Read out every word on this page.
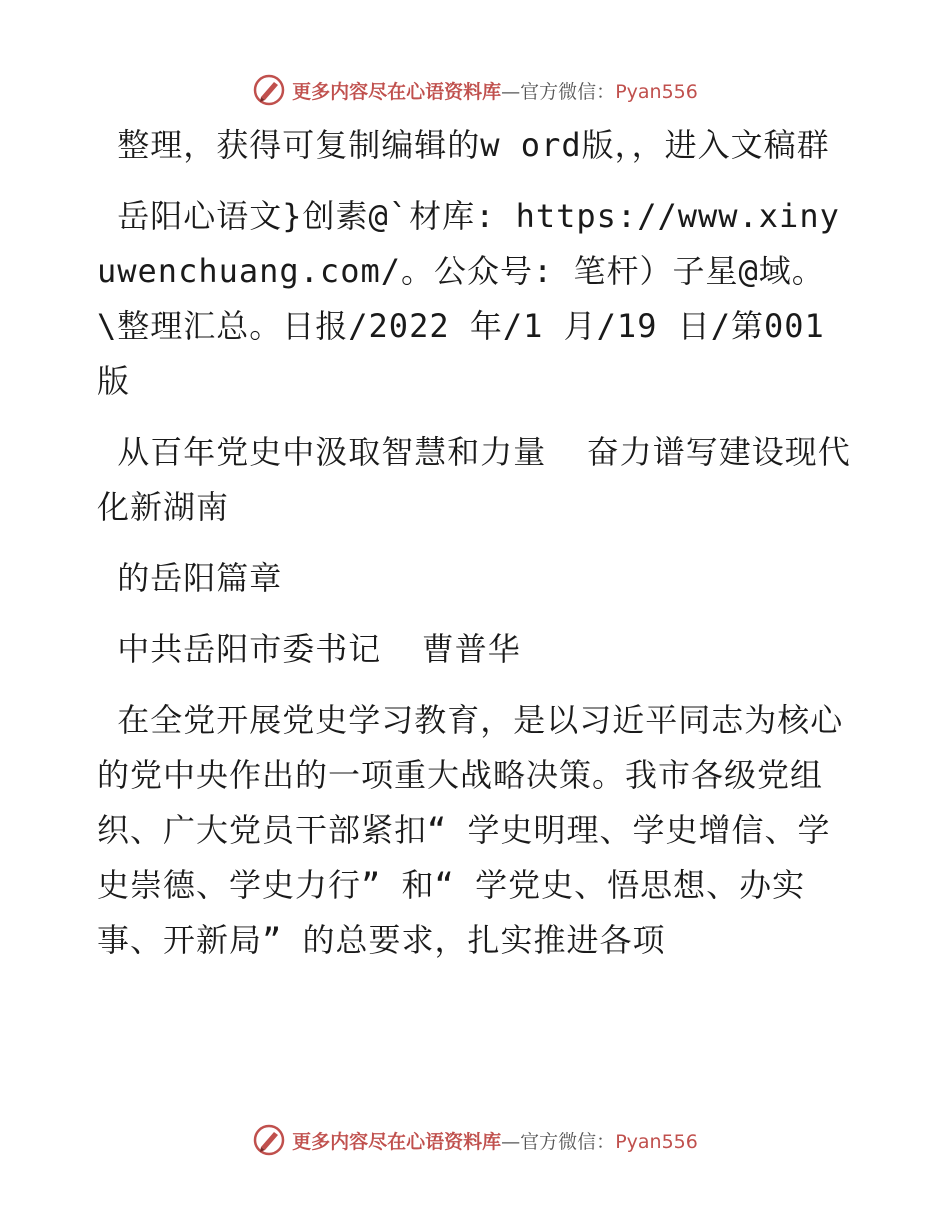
更多内容尽在心语资料库—官方微信：Pyan556

整理，获得可复制编辑的w ord版，，进入文稿群

岳阳心语文}创素@`材库: https://www.xinyuwenchuang.com/。公众号: 笔杆）子星@域。\整理汇总。日报/2022 年/1 月/19 日/第001 版

从百年党史中汲取智慧和力量  奋力谱写建设现代化新湖南

的岳阳篇章

中共岳阳市委书记  曹普华

在全党开展党史学习教育，是以习近平同志为核心的党中央作出的一项重大战略决策。我市各级党组织、广大党员干部紧扣“ 学史明理、学史增信、学史崇德、学史力行” 和“ 学党史、悟思想、办实事、开新局” 的总要求，扎实推进各项

更多内容尽在心语资料库—官方微信：Pyan556
